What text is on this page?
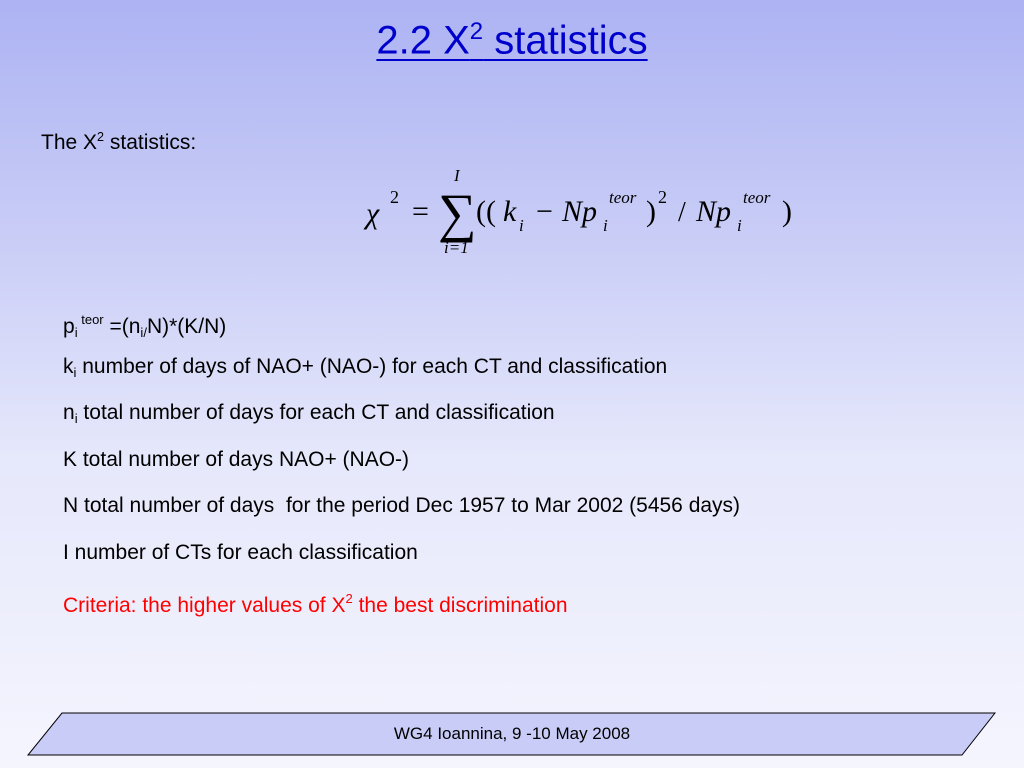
2.2 $X^2$ statistics
The $X^2$ statistics:
χ 2 = ∑
I
i=1
(( k i − Np i
teor ) 2 / Np i
teor )
$p_i$ $^{teor} =(n_{i/}N)*(K/N)$
$k_i$ number of days of NAO+ (NAO-) for each CT and classification
$n_i$ total number of days for each CT and classification
K total number of days NAO+ (NAO-)
N total number of days  for the period Dec 1957 to Mar 2002 (5456 days)
I number of CTs for each classification
Criteria: the higher values of $X^2$ the best discrimination
WG4 Ioannina, 9 -10 May 2008
